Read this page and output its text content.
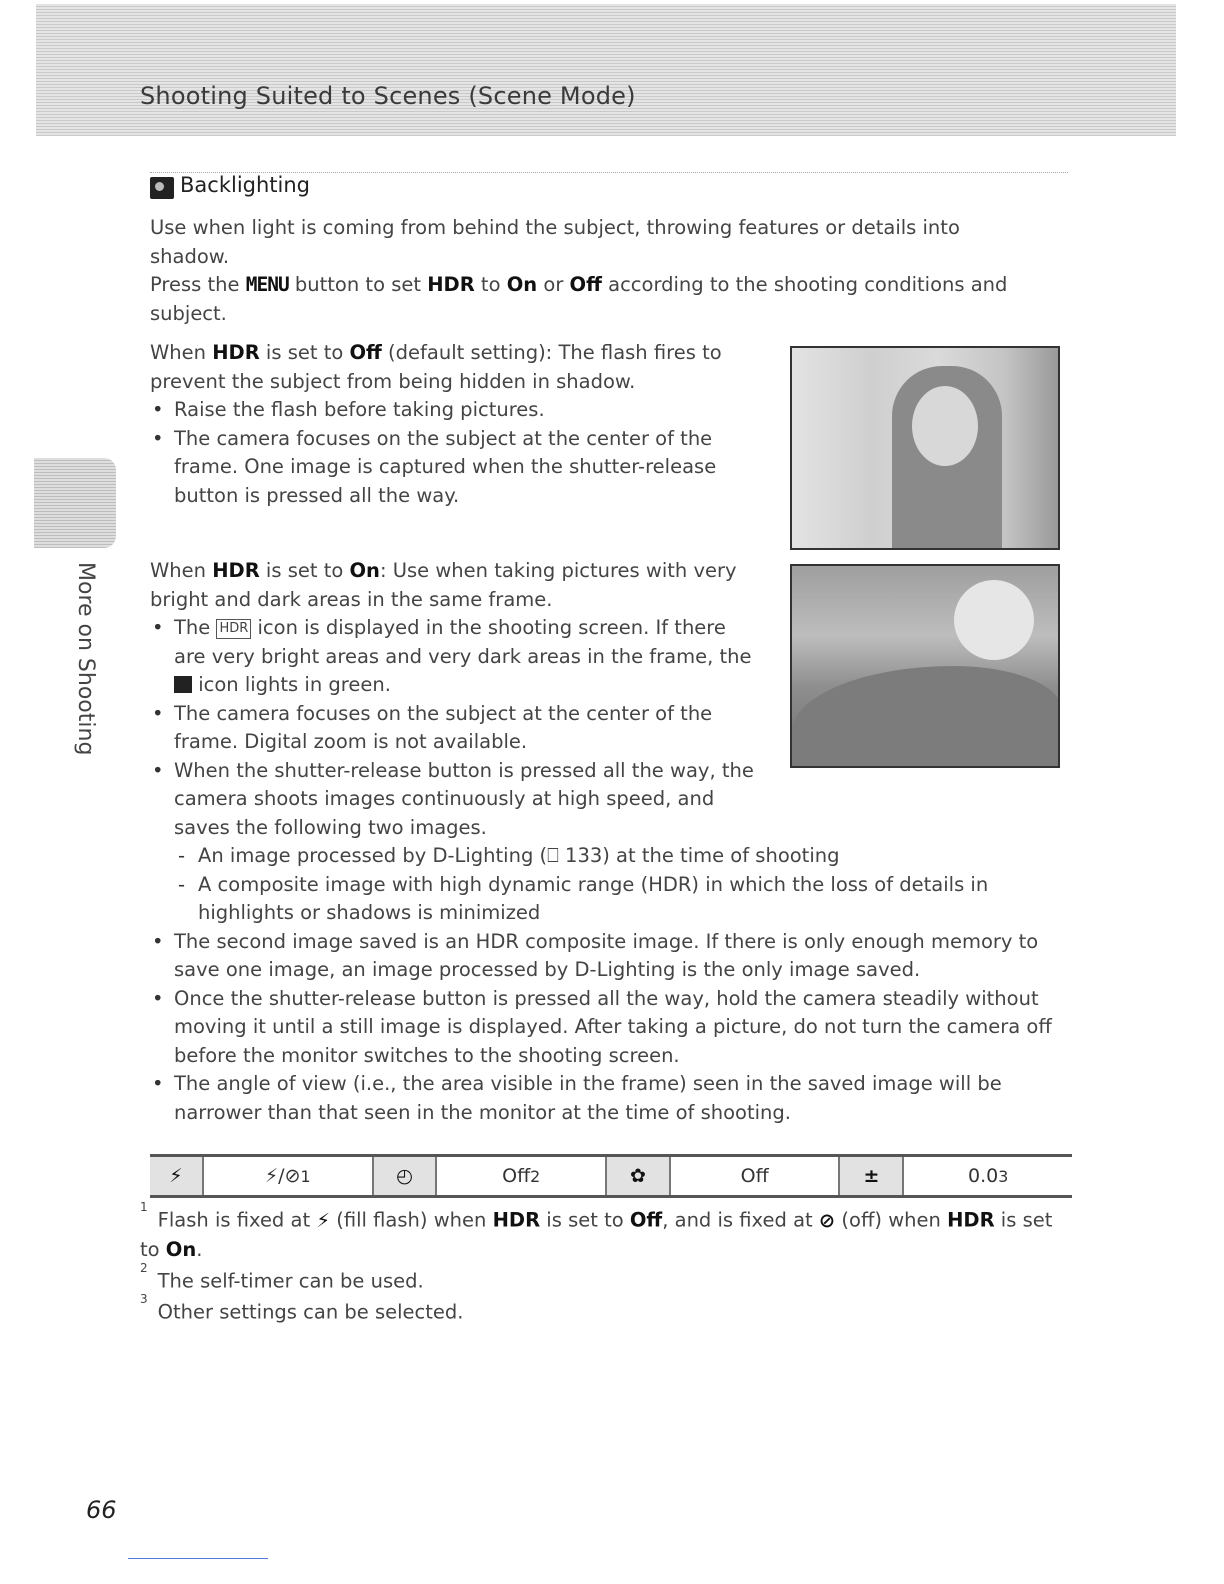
Shooting Suited to Scenes (Scene Mode)
More on Shooting
Backlighting
Use when light is coming from behind the subject, throwing features or details into shadow.
Press the MENU button to set HDR to On or Off according to the shooting conditions and subject.
When HDR is set to Off (default setting): The flash fires to prevent the subject from being hidden in shadow.
• Raise the flash before taking pictures.
• The camera focuses on the subject at the center of the frame. One image is captured when the shutter-release button is pressed all the way.
When HDR is set to On: Use when taking pictures with very bright and dark areas in the same frame.
• The HDR icon is displayed in the shooting screen. If there are very bright areas and very dark areas in the frame, the  icon lights in green.
• The camera focuses on the subject at the center of the frame. Digital zoom is not available.
• When the shutter-release button is pressed all the way, the camera shoots images continuously at high speed, and saves the following two images.
- An image processed by D-Lighting (⎕ 133) at the time of shooting
- A composite image with high dynamic range (HDR) in which the loss of details in highlights or shadows is minimized
• The second image saved is an HDR composite image. If there is only enough memory to save one image, an image processed by D-Lighting is the only image saved.
• Once the shutter-release button is pressed all the way, hold the camera steadily without moving it until a still image is displayed. After taking a picture, do not turn the camera off before the monitor switches to the shooting screen.
• The angle of view (i.e., the area visible in the frame) seen in the saved image will be narrower than that seen in the monitor at the time of shooting.
⚡	⚡/⊘ 1	◴	Off 2	✿	Off	±	0.0 3
$^1$Flash is fixed at ⚡ (fill flash) when HDR is set to Off, and is fixed at ⊘ (off) when HDR is set to On.
$^2$The self-timer can be used.
$^3$Other settings can be selected.
66
